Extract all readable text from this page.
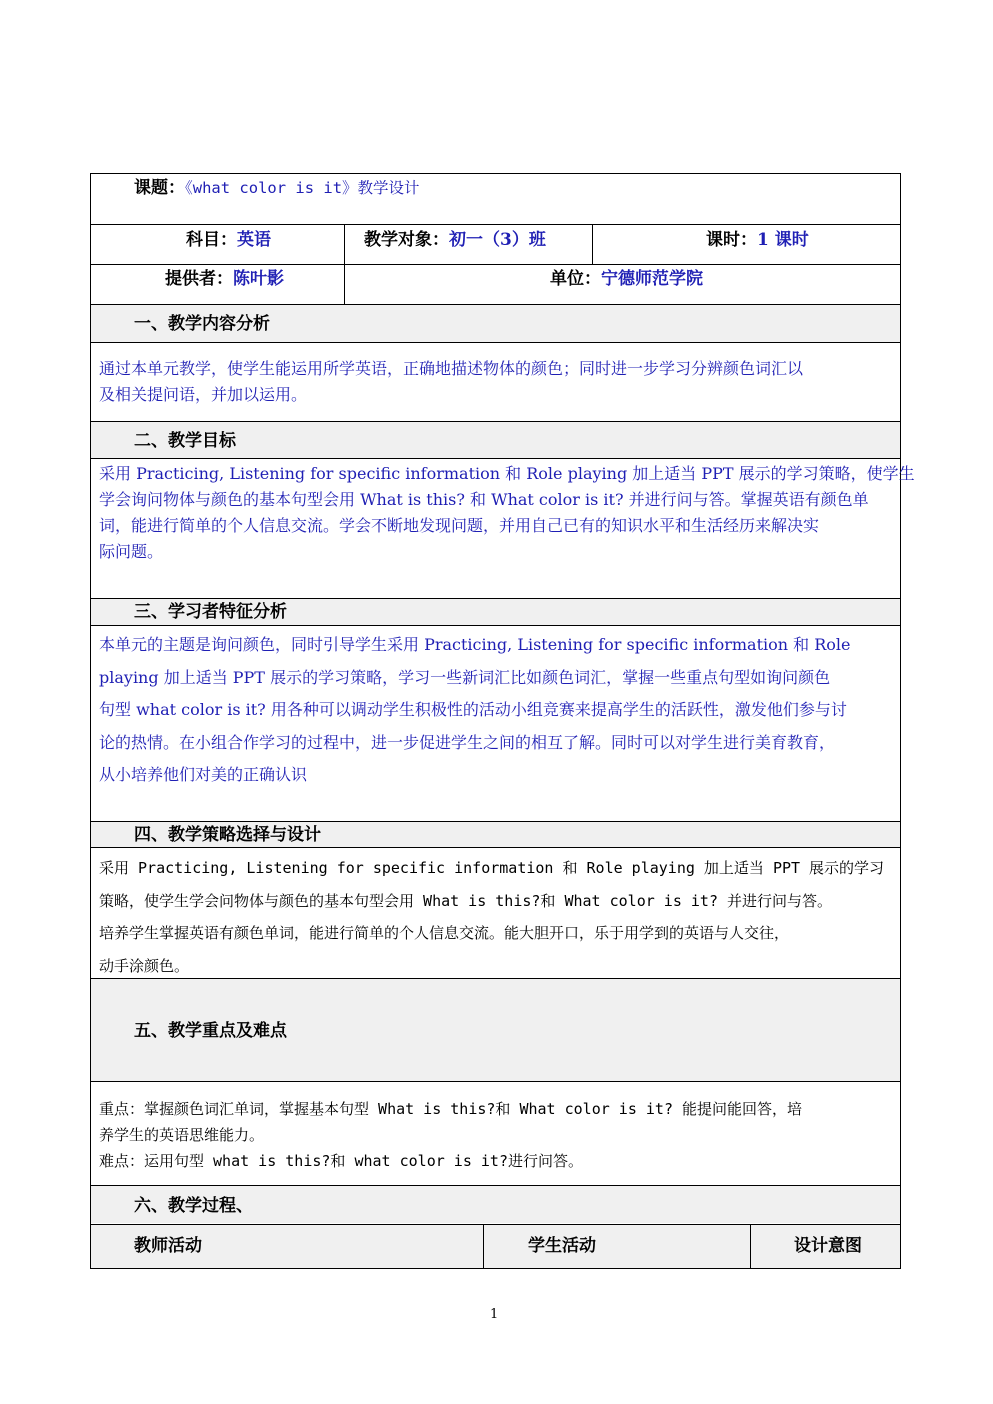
课题：《what color is it》教学设计
科目：英语	教学对象：初一（3）班	课时：1 课时
提供者：陈叶影	单位：宁德师范学院
一、教学内容分析
通过本单元教学，使学生能运用所学英语，正确地描述物体的颜色；同时进一步学习分辨颜色词汇以
及相关提问语，并加以运用。
二、教学目标
采用 Practicing, Listening for specific information 和 Role playing 加上适当 PPT 展示的学习策略，使学生
学会询问物体与颜色的基本句型会用 What is this? 和 What color is it? 并进行问与答。掌握英语有颜色单
词，能进行简单的个人信息交流。学会不断地发现问题，并用自己已有的知识水平和生活经历来解决实
际问题。
三、学习者特征分析
本单元的主题是询问颜色，同时引导学生采用 Practicing, Listening for specific information 和 Role
playing 加上适当 PPT 展示的学习策略，学习一些新词汇比如颜色词汇，掌握一些重点句型如询问颜色
句型 what color is it? 用各种可以调动学生积极性的活动小组竞赛来提高学生的活跃性，激发他们参与讨
论的热情。在小组合作学习的过程中，进一步促进学生之间的相互了解。同时可以对学生进行美育教育，
从小培养他们对美的正确认识
四、教学策略选择与设计
采用 Practicing, Listening for specific information 和 Role playing 加上适当 PPT 展示的学习
策略，使学生学会问物体与颜色的基本句型会用 What is this?和 What color is it? 并进行问与答。
培养学生掌握英语有颜色单词，能进行简单的个人信息交流。能大胆开口，乐于用学到的英语与人交往，
动手涂颜色。
五、教学重点及难点
重点：掌握颜色词汇单词，掌握基本句型 What is this?和 What color is it? 能提问能回答，培
养学生的英语思维能力。
难点：运用句型 what is this?和 what color is it?进行问答。
六、教学过程、
教师活动	学生活动	设计意图
1
